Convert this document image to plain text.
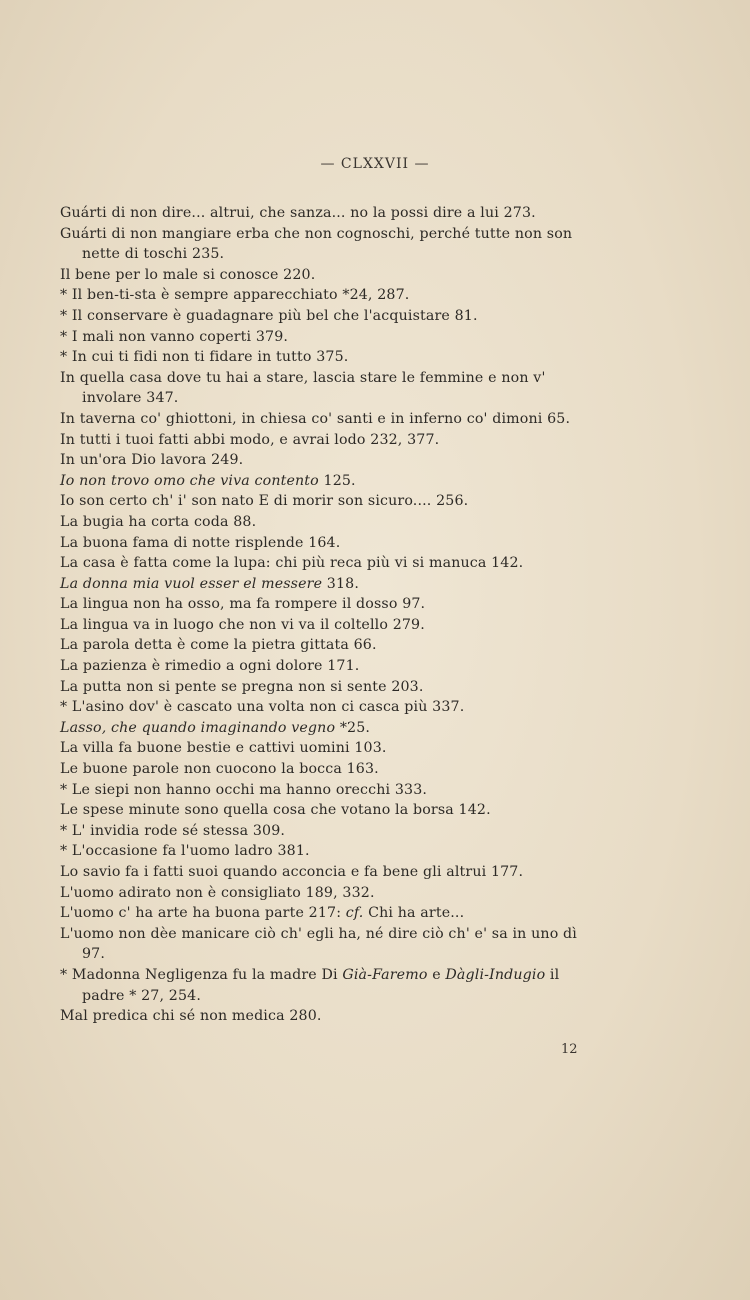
— CLXXVII —

Guárti di non dire... altrui, che sanza... no la possi dire a lui 273.

Guárti di non mangiare erba che non cognoschi, perché tutte non son nette di toschi 235.

Il bene per lo male si conosce 220.

* Il ben-ti-sta è sempre apparecchiato *24, 287.

* Il conservare è guadagnare più bel che l'acquistare 81.

* I mali non vanno coperti 379.

* In cui ti fidi non ti fidare in tutto 375.

In quella casa dove tu hai a stare, lascia stare le femmine e non v' involare 347.

In taverna co' ghiottoni, in chiesa co' santi e in inferno co' dimoni 65.

In tutti i tuoi fatti abbi modo, e avrai lodo 232, 377.

In un'ora Dio lavora 249.

Io non trovo omo che viva contento 125.

Io son certo ch' i' son nato E di morir son sicuro.... 256.

La bugia ha corta coda 88.

La buona fama di notte risplende 164.

La casa è fatta come la lupa: chi più reca più vi si manuca 142.

La donna mia vuol esser el messere 318.

La lingua non ha osso, ma fa rompere il dosso 97.

La lingua va in luogo che non vi va il coltello 279.

La parola detta è come la pietra gittata 66.

La pazienza è rimedio a ogni dolore 171.

La putta non si pente se pregna non si sente 203.

* L'asino dov' è cascato una volta non ci casca più 337.

Lasso, che quando imaginando vegno *25.

La villa fa buone bestie e cattivi uomini 103.

Le buone parole non cuocono la bocca 163.

* Le siepi non hanno occhi ma hanno orecchi 333.

Le spese minute sono quella cosa che votano la borsa 142.

* L' invidia rode sé stessa 309.

* L'occasione fa l'uomo ladro 381.

Lo savio fa i fatti suoi quando acconcia e fa bene gli altrui 177.

L'uomo adirato non è consigliato 189, 332.

L'uomo c' ha arte ha buona parte 217: cf. Chi ha arte...

L'uomo non dèe manicare ciò ch' egli ha, né dire ciò ch' e' sa in uno dì 97.

* Madonna Negligenza fu la madre Di Già-Faremo e Dàgli-Indugio il padre * 27, 254.

Mal predica chi sé non medica 280.

12
